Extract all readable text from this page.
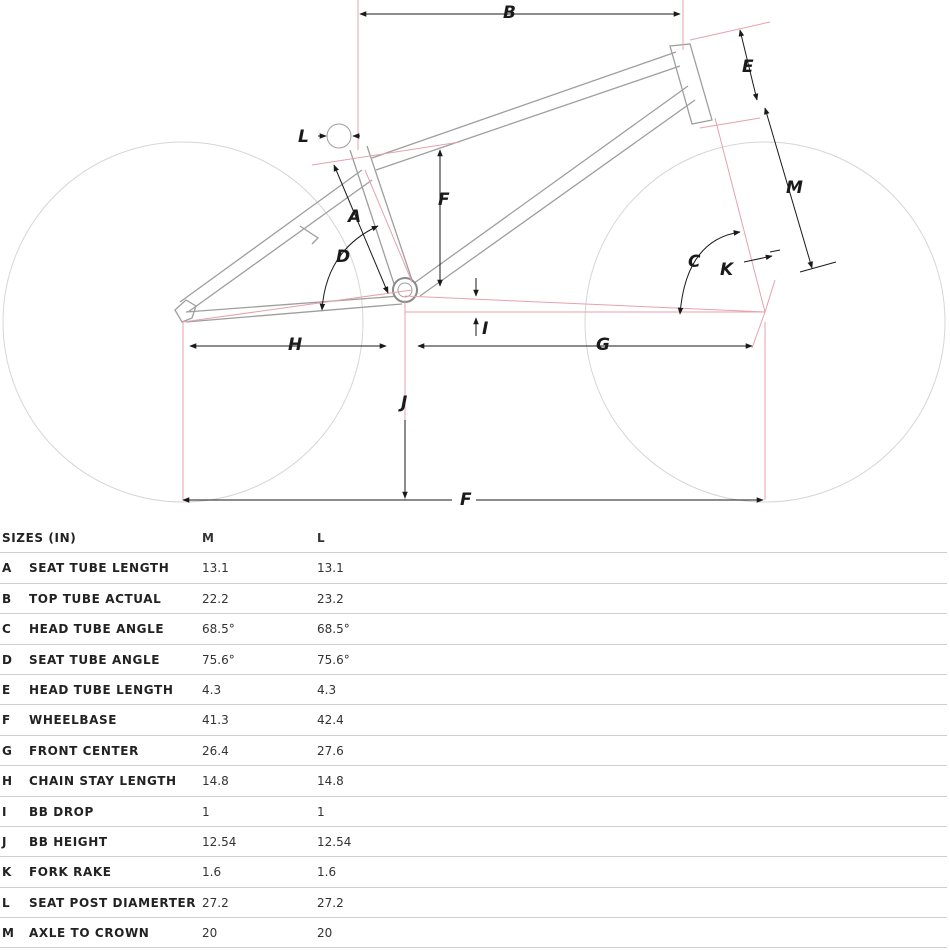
A
B
C
D
E
F
F
G
H
I
J
K
L
M
SIZES (IN)	M	L
A SEAT TUBE LENGTH	13.1	13.1
B TOP TUBE ACTUAL	22.2	23.2
C HEAD TUBE ANGLE	68.5°	68.5°
D SEAT TUBE ANGLE	75.6°	75.6°
E HEAD TUBE LENGTH 4.3	4.3
F WHEELBASE	41.3	42.4
G FRONT CENTER	26.4	27.6
H CHAIN STAY LENGTH 14.8	14.8
I BB DROP	1	1
J BB HEIGHT	12.54	12.54
K FORK RAKE	1.6	1.6
L SEAT POST DIAMERTER 27.2	27.2
M AXLE TO CROWN	20	20
